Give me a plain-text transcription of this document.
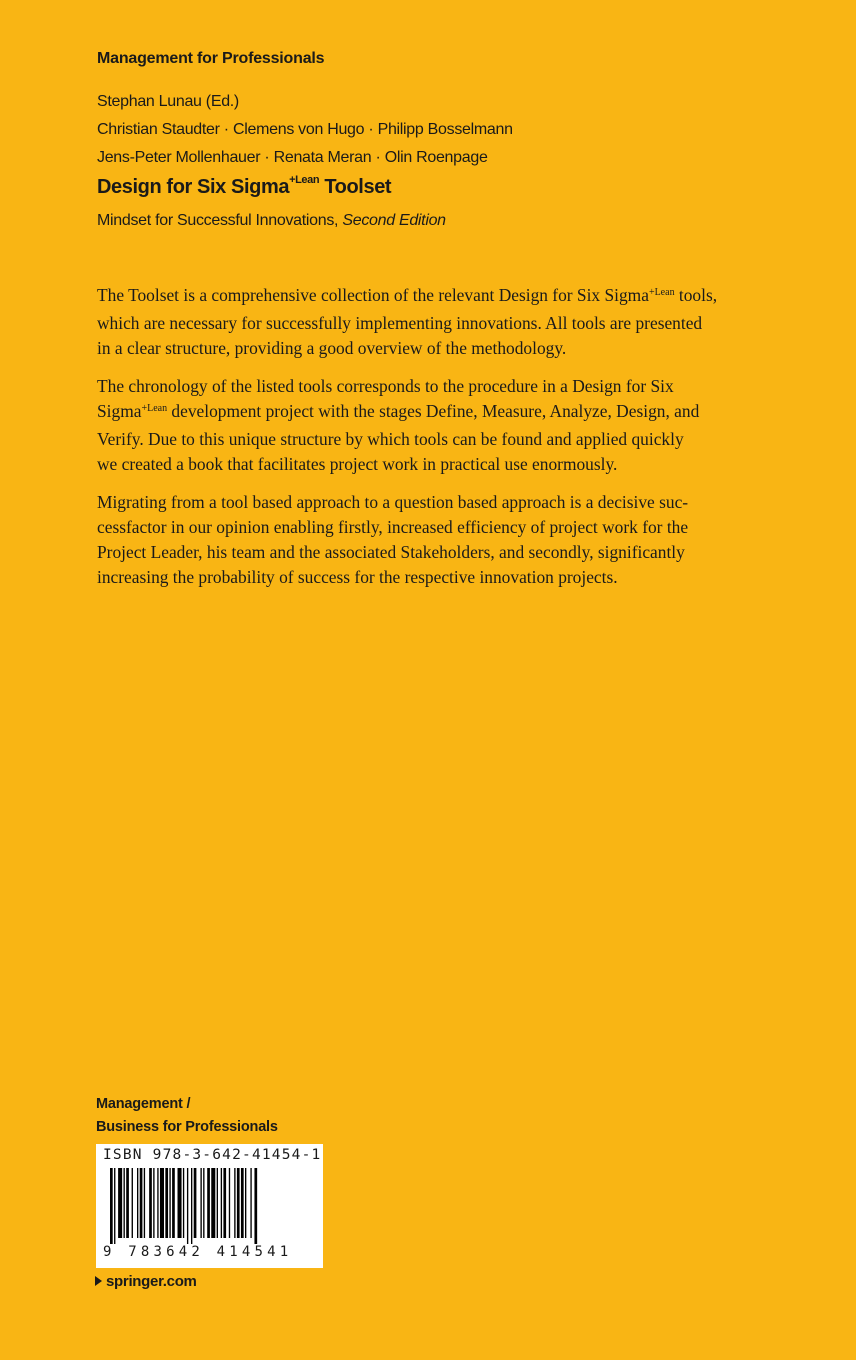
Management for Professionals
Stephan Lunau (Ed.)
Christian Staudter · Clemens von Hugo · Philipp Bosselmann
Jens-Peter Mollenhauer · Renata Meran · Olin Roenpage
Design for Six Sigma$^{+Lean}$ Toolset
Mindset for Successful Innovations, Second Edition

The Toolset is a comprehensive collection of the relevant Design for Six Sigma$^{+Lean}$ tools,
which are necessary for successfully implementing innovations. All tools are presented
in a clear structure, providing a good overview of the methodology.

The chronology of the listed tools corresponds to the procedure in a Design for Six
Sigma$^{+Lean}$ development project with the stages Define, Measure, Analyze, Design, and
Verify. Due to this unique structure by which tools can be found and applied quickly
we created a book that facilitates project work in practical use enormously.

Migrating from a tool based approach to a question based approach is a decisive suc-
cessfactor in our opinion enabling firstly, increased efficiency of project work for the
Project Leader, his team and the associated Stakeholders, and secondly, significantly
increasing the probability of success for the respective innovation projects.

Management /
Business for Professionals
ISBN 978-3-642-41454-1
9 783642 414541
springer.com
